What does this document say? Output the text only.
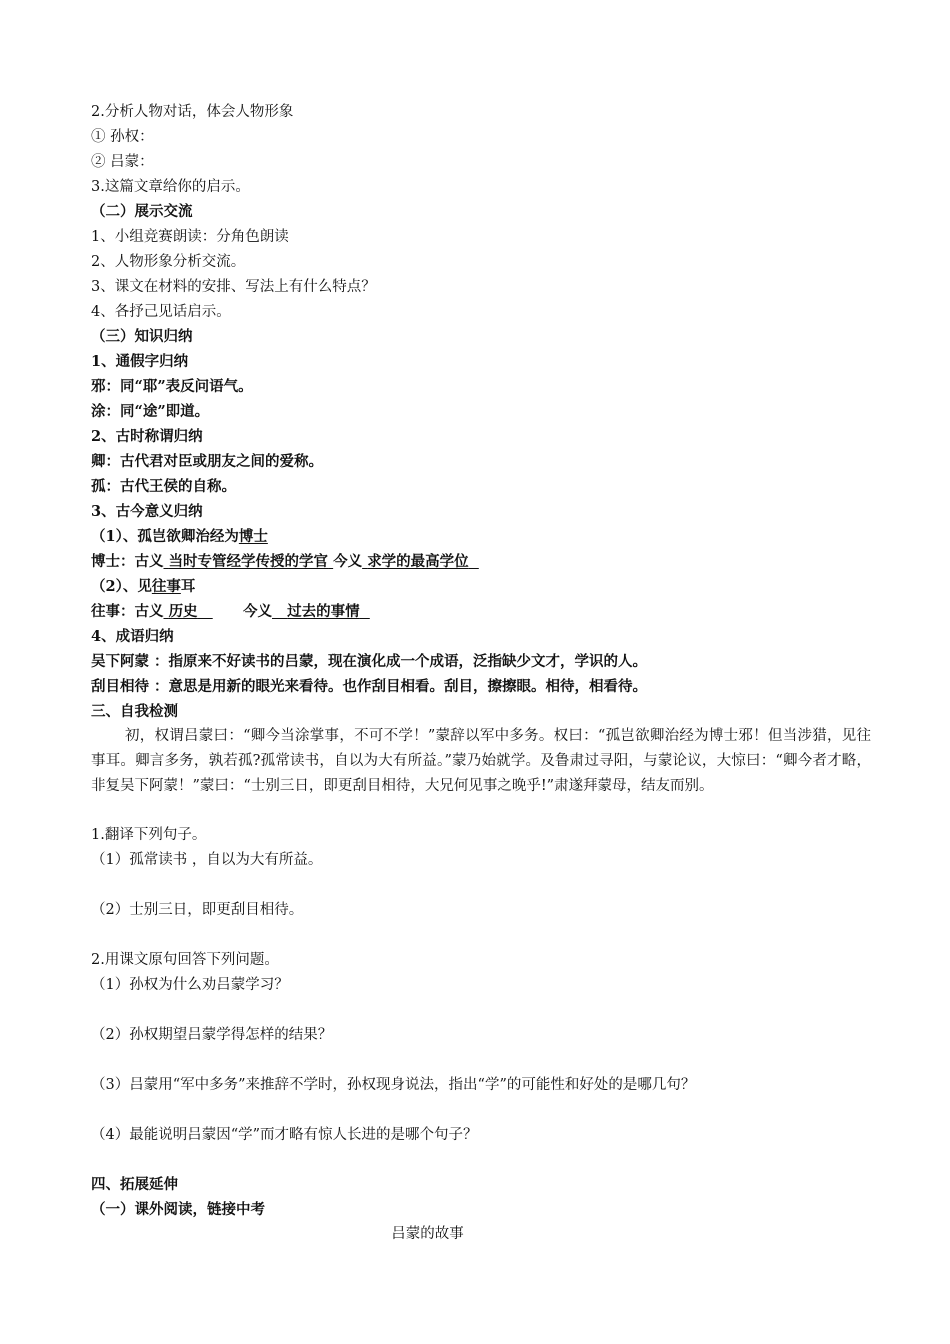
2.分析人物对话，体会人物形象
① 孙权：
② 吕蒙：
3.这篇文章给你的启示。
（二）展示交流
1、小组竞赛朗读：分角色朗读
2、人物形象分析交流。
3、课文在材料的安排、写法上有什么特点？
4、各抒己见话启示。
（三）知识归纳
1、通假字归纳
邪：同“耶”表反问语气。
涂：同“途”即道。
2、古时称谓归纳
卿：古代君对臣或朋友之间的爱称。
孤：古代王侯的自称。
3、古今意义归纳
（1）、孤岂欲卿治经为博士
博士：古义 当时专管经学传授的学官 今义 求学的最高学位
（2）、见往事耳
往事：古义 历史	今义 过去的事情
4、成语归纳
吴下阿蒙 ：指原来不好读书的吕蒙，现在演化成一个成语，泛指缺少文才，学识的人。
刮目相待 ：意思是用新的眼光来看待。也作刮目相看。刮目，擦擦眼。相待，相看待。
三、自我检测
初，权谓吕蒙曰：“卿今当涂掌事，不可不学！”蒙辞以军中多务。权曰：“孤岂欲卿治经为博士邪！但当涉猎，见往事耳。卿言多务，孰若孤?孤常读书，自以为大有所益。”蒙乃始就学。及鲁肃过寻阳，与蒙论议，大惊曰：“卿今者才略，非复吴下阿蒙！”蒙曰：“士别三日，即更刮目相待，大兄何见事之晚乎!”肃遂拜蒙母，结友而别。
1.翻译下列句子。
（1）孤常读书 ，自以为大有所益。
（2）士别三日，即更刮目相待。
2.用课文原句回答下列问题。
（1）孙权为什么劝吕蒙学习？
（2）孙权期望吕蒙学得怎样的结果？
（3）吕蒙用“军中多务”来推辞不学时，孙权现身说法，指出“学”的可能性和好处的是哪几句？
（4）最能说明吕蒙因“学”而才略有惊人长进的是哪个句子？
四、拓展延伸
（一）课外阅读，链接中考
吕蒙的故事
